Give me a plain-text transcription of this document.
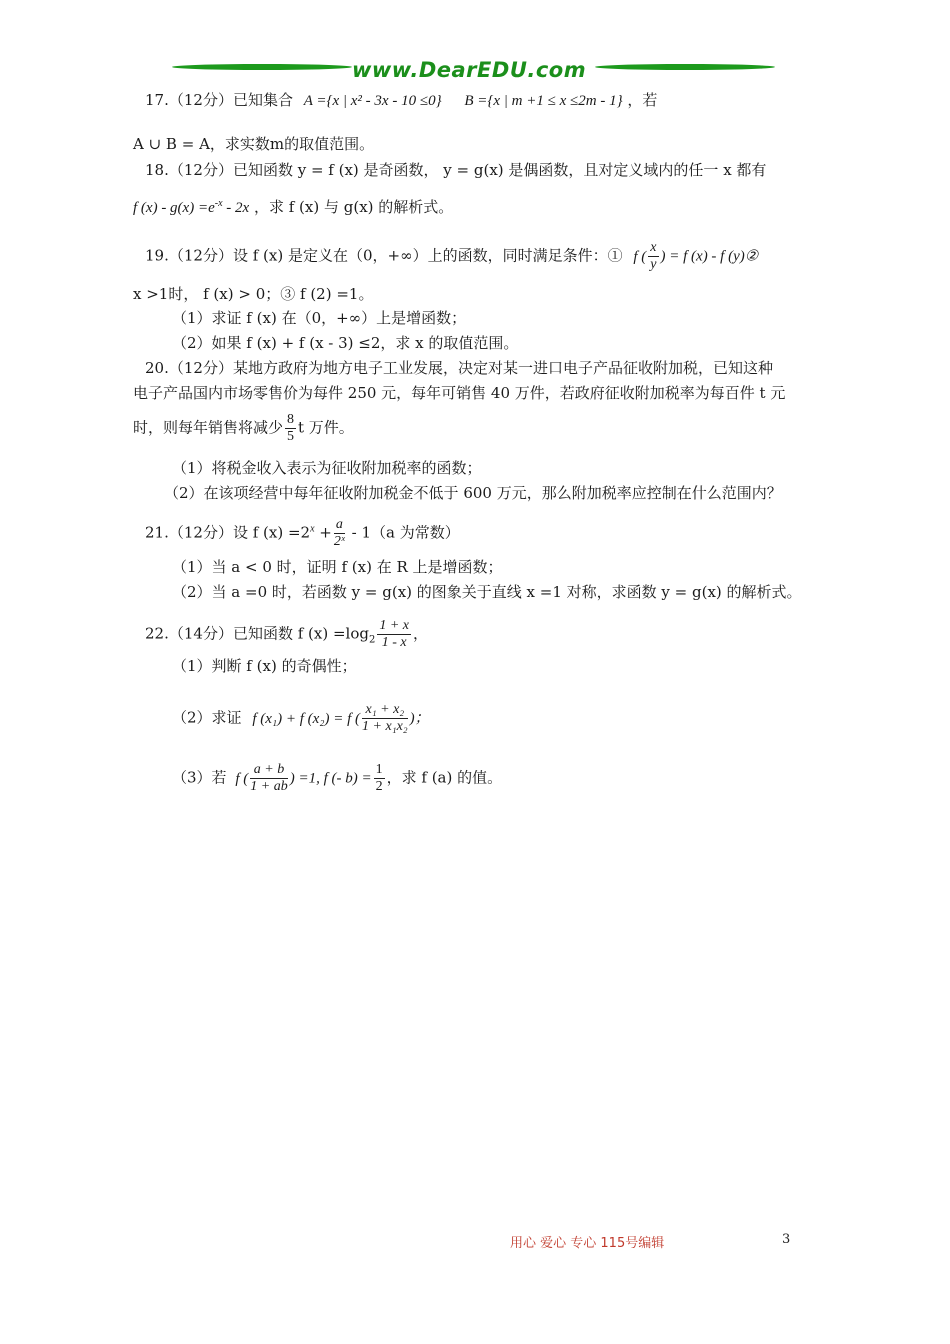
www.DearEDU.com
17.（12分）已知集合 A ={x | x² - 3x - 10 ≤0} B ={x | m +1 ≤ x ≤2m - 1} ，若
A ∪ B = A，求实数m的取值范围。
18.（12分）已知函数 y = f (x) 是奇函数， y = g(x) 是偶函数，且对定义域内的任一 x 都有
f $(x) - g(x) =e^{-x} - 2x$ ，求 f (x) 与 g(x) 的解析式。
19.（12分）设 f (x) 是定义在（0，+∞）上的函数，同时满足条件：① f ( $\frac{x}{y}$ ) = f (x) - f (y)②
x >1时， f (x) > 0；③ f (2) =1。
（1）求证 f (x) 在（0，+∞）上是增函数；
（2）如果 f (x) + f (x - 3) ≤2，求 x 的取值范围。
20.（12分）某地方政府为地方电子工业发展，决定对某一进口电子产品征收附加税，已知这种
电子产品国内市场零售价为每件 250 元，每年可销售 40 万件，若政府征收附加税率为每百件 t 元
时，则每年销售将减少 $\frac{8}{5}$ t 万件。
（1）将税金收入表示为征收附加税率的函数；
（2）在该项经营中每年征收附加税金不低于 600 万元，那么附加税率应控制在什么范围内？
21.（12分）设 f $(x) =2^x + \frac{a}{\text{2ˣ}} - 1(a$ 为常数）
（1）当 a < 0 时，证明 f (x) 在 R 上是增函数；
（2）当 a =0 时，若函数 y = g(x) 的图象关于直线 x =1 对称，求函数 y = g(x) 的解析式。
22.（14分）已知函数 f $(x) =\log_2 \frac{1 + x}{1 - x}$ ，
（1）判断 f (x) 的奇偶性；
（2）求证 f (x₁) + f (x₂) = f ( $\frac{\text{x₁ + x₂}}{\text{1 + x₁x₂}}$ )；
（3）若 f ( $\frac{a + b}{1 + ab}$ ) =1, f (- $b) = \frac{1}{2}$ ，求 f (a) 的值。
用心 爱心 专心 115号编辑	3
